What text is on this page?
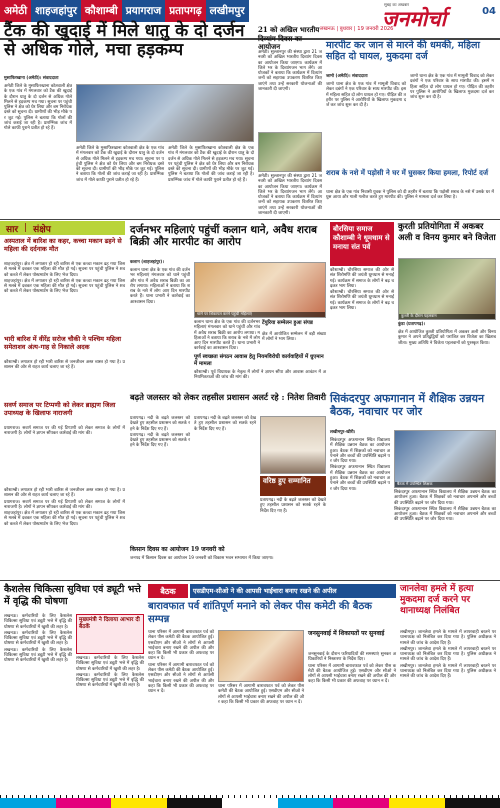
अमेठी शाहजहांपुर कौशाम्बी प्रयागराज प्रतापगढ़ लखीमपुर
लखनऊ | बुधवार | 19 जनवरी 2026
सुबह का अखबार
जनमोर्चा	04
टैंक की खुदाई में मिले धातु के दो दर्जन से अधिक गोले, मचा हड़कम्प
मुसाफिरखाना (अमेठी)। संवाददाता

अमेठी जिले के मुसाफिरखाना कोतवाली क्षेत्र के एक गांव में मंगलवार को टैंक की खुदाई के दौरान धातु के दो दर्जन से अधिक गोले मिलने से हड़कम्प मच गया। सूचना पर पहुंची पुलिस ने क्षेत्र को घेर लिया और बम निरोधक दस्ते को सूचना दी। ग्रामीणों की भीड़ मौके पर जुट गई। पुलिस ने बताया कि गोलों की जांच कराई जा रही है। प्रारम्भिक जांच में गोले काफी पुराने प्रतीत हो रहे हैं।

अमेठी जिले के मुसाफिरखाना कोतवाली क्षेत्र के एक गांव में मंगलवार को टैंक की खुदाई के दौरान धातु के दो दर्जन से अधिक गोले मिलने से हड़कम्प मच गया। सूचना पर पहुंची पुलिस ने क्षेत्र को घेर लिया और बम निरोधक दस्ते को सूचना दी। ग्रामीणों की भीड़ मौके पर जुट गई। पुलिस ने बताया कि गोलों की जांच कराई जा रही है। प्रारम्भिक जांच में गोले काफी पुराने प्रतीत हो रहे हैं।

अमेठी जिले के मुसाफिरखाना कोतवाली क्षेत्र के एक गांव में मंगलवार को टैंक की खुदाई के दौरान धातु के दो दर्जन से अधिक गोले मिलने से हड़कम्प मच गया। सूचना पर पहुंची पुलिस ने क्षेत्र को घेर लिया और बम निरोधक दस्ते को सूचना दी। ग्रामीणों की भीड़ मौके पर जुट गई। पुलिस ने बताया कि गोलों की जांच कराई जा रही है। प्रारम्भिक जांच में गोले काफी पुराने प्रतीत हो रहे हैं।

21 को अखिल भारतीय दिव्यांग दिवस का आयोजन

अमेठी। सुल्तानपुर की संस्था द्वारा 21 जनवरी को अखिल भारतीय दिव्यांग दिवस का आयोजन किया जाएगा। कार्यक्रम में जिले भर के दिव्यांगजन भाग लेंगे। आयोजकों ने बताया कि कार्यक्रम में दिव्यांगजनों को सहायक उपकरण वितरित किए जाएंगे तथा उन्हें सरकारी योजनाओं की जानकारी दी जाएगी।

अमेठी। सुल्तानपुर की संस्था द्वारा 21 जनवरी को अखिल भारतीय दिव्यांग दिवस का आयोजन किया जाएगा। कार्यक्रम में जिले भर के दिव्यांगजन भाग लेंगे। आयोजकों ने बताया कि कार्यक्रम में दिव्यांगजनों को सहायक उपकरण वितरित किए जाएंगे तथा उन्हें सरकारी योजनाओं की जानकारी दी जाएगी।

मारपीट कर जान से मारने की धमकी, महिला सहित दो घायल, मुकदमा दर्ज
जामो (अमेठी)। संवाददाता

जामो थाना क्षेत्र के एक गांव में मामूली विवाद को लेकर दबंगों ने एक परिवार के साथ मारपीट की। इसमें महिला सहित दो लोग घायल हो गए। पीड़ित की तहरीर पर पुलिस ने आरोपियों के खिलाफ मुकदमा दर्ज कर जांच शुरू कर दी है।

जामो थाना क्षेत्र के एक गांव में मामूली विवाद को लेकर दबंगों ने एक परिवार के साथ मारपीट की। इसमें महिला सहित दो लोग घायल हो गए। पीड़ित की तहरीर पर पुलिस ने आरोपियों के खिलाफ मुकदमा दर्ज कर जांच शुरू कर दी है।

शराब के नशे में पड़ोसी ने घर में घुसकर किया हमला, रिपोर्ट दर्ज

थाना क्षेत्र के एक गांव निवासी युवक ने पुलिस को दी तहरीर में बताया कि पड़ोसी शराब के नशे में उसके घर में घुस आया और गाली गलौज करते हुए मारपीट की। पुलिस ने मामला दर्ज कर लिया है।

सार | संक्षेप
अस्पताल में बारिश का कहर, कच्चा मकान ढहने से महिला की दर्दनाक मौत

शाहजहांपुर। क्षेत्र में लगातार हो रही बारिश से एक कच्चा मकान ढह गया जिससे मलबे में दबकर एक महिला की मौत हो गई। सूचना पर पहुंची पुलिस ने शव को कब्जे में लेकर पोस्टमार्टम के लिए भेज दिया।

शाहजहांपुर। क्षेत्र में लगातार हो रही बारिश से एक कच्चा मकान ढह गया जिससे मलबे में दबकर एक महिला की मौत हो गई। सूचना पर पहुंची पुलिस ने शव को कब्जे में लेकर पोस्टमार्टम के लिए भेज दिया।

भारी बारिश में वीरेंद्र सरोज चौकी ने पश्चिम महिला समेताशव अंत्य-गाह से निकाले अदक

कौशाम्बी। लगातार हो रही भारी बारिश से जनजीवन अस्त व्यस्त हो गया है। प्रशासन की ओर से राहत कार्य चलाए जा रहे हैं।

सवर्ण समाज पर टिप्पणी को लेकर ब्राह्मण जिला उपाध्यक्ष के खिलाफ नाराजगी

प्रयागराज। सवर्ण समाज पर की गई टिप्पणी को लेकर समाज के लोगों में नाराजगी है। लोगों ने ज्ञापन सौंपकर कार्रवाई की मांग की।

दर्जनभर महिलाएं पहुंचीं कलान थाने, अवैध शराब बिक्री और मारपीट का आरोप
कलान (शाहजहांपुर)।

कलान थाना क्षेत्र के एक गांव की दर्जनभर महिलाएं मंगलवार को थाने पहुंचीं और गांव में अवैध शराब बिक्री का आरोप लगाया। महिलाओं ने बताया कि शराब के नशे में लोग आए दिन मारपीट करते हैं। थाना प्रभारी ने कार्रवाई का आश्वासन दिया।

थाने पर शिकायत करने पहुंची महिलाएं

कलान थाना क्षेत्र के एक गांव की दर्जनभर महिलाएं मंगलवार को थाने पहुंचीं और गांव में अवैध शराब बिक्री का आरोप लगाया। महिलाओं ने बताया कि शराब के नशे में लोग आए दिन मारपीट करते हैं। थाना प्रभारी ने कार्रवाई का आश्वासन दिया।

टेंपुरिया सम्मेलन हुआ संपन्न

क्षेत्र में आयोजित सम्मेलन में बड़ी संख्या में लोगों ने भाग लिया।

पूर्ण स्वच्छता संगठन आवास हेतु नियमविरोधी कार्यवाहियों में धुएमान में मामला

कौशाम्बी। पूर्व विधायक के नेतृत्व में लोगों ने ज्ञापन सौंपा और आवास आवंटन में अनियमितताओं की जांच की मांग की।

बढ़ते जलस्तर को लेकर तहसील प्रशासन अलर्ट रहे : नितेश तिवारी

प्रतापगढ़। नदी के बढ़ते जलस्तर को देखते हुए तहसील प्रशासन को सतर्क रहने के निर्देश दिए गए हैं।

प्रतापगढ़। नदी के बढ़ते जलस्तर को देखते हुए तहसील प्रशासन को सतर्क रहने के निर्देश दिए गए हैं।

प्रतापगढ़। नदी के बढ़ते जलस्तर को देखते हुए तहसील प्रशासन को सतर्क रहने के निर्देश दिए गए हैं।

वरिष्ठ हुए सम्मानित

प्रतापगढ़। नदी के बढ़ते जलस्तर को देखते हुए तहसील प्रशासन को सतर्क रहने के निर्देश दिए गए हैं।

किसान दिवस का आयोजन 19 जनवरी को

जनपद में किसान दिवस का आयोजन 19 जनवरी को विकास भवन सभागार में किया जाएगा।

कौशाम्बी। लगातार हो रही भारी बारिश से जनजीवन अस्त व्यस्त हो गया है। प्रशासन की ओर से राहत कार्य चलाए जा रहे हैं।

प्रयागराज। सवर्ण समाज पर की गई टिप्पणी को लेकर समाज के लोगों में नाराजगी है। लोगों ने ज्ञापन सौंपकर कार्रवाई की मांग की।

शाहजहांपुर। क्षेत्र में लगातार हो रही बारिश से एक कच्चा मकान ढह गया जिससे मलबे में दबकर एक महिला की मौत हो गई। सूचना पर पहुंची पुलिस ने शव को कब्जे में लेकर पोस्टमार्टम के लिए भेज दिया।

बौरसिया समाज कौशाम्बी ने धूमधाम से मनाया संत पर्व

कौशाम्बी। चौरसिया समाज की ओर से संत शिरोमणि की जयंती धूमधाम से मनाई गई। कार्यक्रम में समाज के लोगों ने बढ़ चढ़कर भाग लिया।

कौशाम्बी। चौरसिया समाज की ओर से संत शिरोमणि की जयंती धूमधाम से मनाई गई। कार्यक्रम में समाज के लोगों ने बढ़ चढ़कर भाग लिया।

कुरती प्रतियोगिता में अकबर अली व विनय कुमार बने विजेता
कुश्ती के दौरान पहलवान
कुंडा (प्रतापगढ़)।

क्षेत्र में आयोजित कुश्ती प्रतियोगिता में अकबर अली और विनय कुमार ने अपने प्रतिद्वंद्वियों को पराजित कर विजेता का खिताब जीता। मुख्य अतिथि ने विजेता पहलवानों को पुरस्कृत किया।

सिकंदरपुर अफगानान में शैक्षिक उन्नयन बैठक, नवाचार पर जोर
लखीमपुर-खीरी।

सिकंदरपुर अफगानान स्थित विद्यालय में शैक्षिक उन्नयन बैठक का आयोजन हुआ। बैठक में शिक्षकों को नवाचार अपनाने और बच्चों की उपस्थिति बढ़ाने पर जोर दिया गया।

सिकंदरपुर अफगानान स्थित विद्यालय में शैक्षिक उन्नयन बैठक का आयोजन हुआ। बैठक में शिक्षकों को नवाचार अपनाने और बच्चों की उपस्थिति बढ़ाने पर जोर दिया गया।

बैठक में उपस्थित शिक्षक

सिकंदरपुर अफगानान स्थित विद्यालय में शैक्षिक उन्नयन बैठक का आयोजन हुआ। बैठक में शिक्षकों को नवाचार अपनाने और बच्चों की उपस्थिति बढ़ाने पर जोर दिया गया।

सिकंदरपुर अफगानान स्थित विद्यालय में शैक्षिक उन्नयन बैठक का आयोजन हुआ। बैठक में शिक्षकों को नवाचार अपनाने और बच्चों की उपस्थिति बढ़ाने पर जोर दिया गया।

कैशलेस चिकित्सा सुविधा एवं ड्यूटी भत्ते में वृद्धि की घोषणा

लखनऊ। कर्मचारियों के लिए कैशलेस चिकित्सा सुविधा एवं ड्यूटी भत्ते में वृद्धि की घोषणा से कर्मचारियों में खुशी की लहर है।

लखनऊ। कर्मचारियों के लिए कैशलेस चिकित्सा सुविधा एवं ड्यूटी भत्ते में वृद्धि की घोषणा से कर्मचारियों में खुशी की लहर है।

लखनऊ। कर्मचारियों के लिए कैशलेस चिकित्सा सुविधा एवं ड्यूटी भत्ते में वृद्धि की घोषणा से कर्मचारियों में खुशी की लहर है।

मुख्यमंत्री ने दिलाया आभार दी बैठकें

लखनऊ। कर्मचारियों के लिए कैशलेस चिकित्सा सुविधा एवं ड्यूटी भत्ते में वृद्धि की घोषणा से कर्मचारियों में खुशी की लहर है।

लखनऊ। कर्मचारियों के लिए कैशलेस चिकित्सा सुविधा एवं ड्यूटी भत्ते में वृद्धि की घोषणा से कर्मचारियों में खुशी की लहर है।

बैठक	एसडीएम-सीओ ने की आपसी भाईचारा बनाए रखने की अपील
बारावफात पर्व शांतिपूर्ण मनाने को लेकर पीस कमेटी की बैठक सम्पन्न

थाना परिसर में आगामी बारावफात पर्व को लेकर पीस कमेटी की बैठक आयोजित हुई। एसडीएम और सीओ ने लोगों से आपसी भाईचारा बनाए रखने की अपील की और कहा कि किसी भी प्रकार की अफवाह पर ध्यान न दें।

थाना परिसर में आगामी बारावफात पर्व को लेकर पीस कमेटी की बैठक आयोजित हुई। एसडीएम और सीओ ने लोगों से आपसी भाईचारा बनाए रखने की अपील की और कहा कि किसी भी प्रकार की अफवाह पर ध्यान न दें।

थाना परिसर में आगामी बारावफात पर्व को लेकर पीस कमेटी की बैठक आयोजित हुई। एसडीएम और सीओ ने लोगों से आपसी भाईचारा बनाए रखने की अपील की और कहा कि किसी भी प्रकार की अफवाह पर ध्यान न दें।

जनसुनवाई में शिकायतों पर सुनवाई

जनसुनवाई के दौरान फरियादियों की समस्याएं सुनकर अधिकारियों ने निस्तारण के निर्देश दिए।

थाना परिसर में आगामी बारावफात पर्व को लेकर पीस कमेटी की बैठक आयोजित हुई। एसडीएम और सीओ ने लोगों से आपसी भाईचारा बनाए रखने की अपील की और कहा कि किसी भी प्रकार की अफवाह पर ध्यान न दें।

जानलेवा हमले में हत्या मुकदमा दर्ज करने पर थानाध्यक्ष निलंबित

लखीमपुर। जानलेवा हमले के मामले में लापरवाही बरतने पर थानाध्यक्ष को निलंबित कर दिया गया है। पुलिस अधीक्षक ने मामले की जांच के आदेश दिए हैं।

लखीमपुर। जानलेवा हमले के मामले में लापरवाही बरतने पर थानाध्यक्ष को निलंबित कर दिया गया है। पुलिस अधीक्षक ने मामले की जांच के आदेश दिए हैं।

लखीमपुर। जानलेवा हमले के मामले में लापरवाही बरतने पर थानाध्यक्ष को निलंबित कर दिया गया है। पुलिस अधीक्षक ने मामले की जांच के आदेश दिए हैं।
